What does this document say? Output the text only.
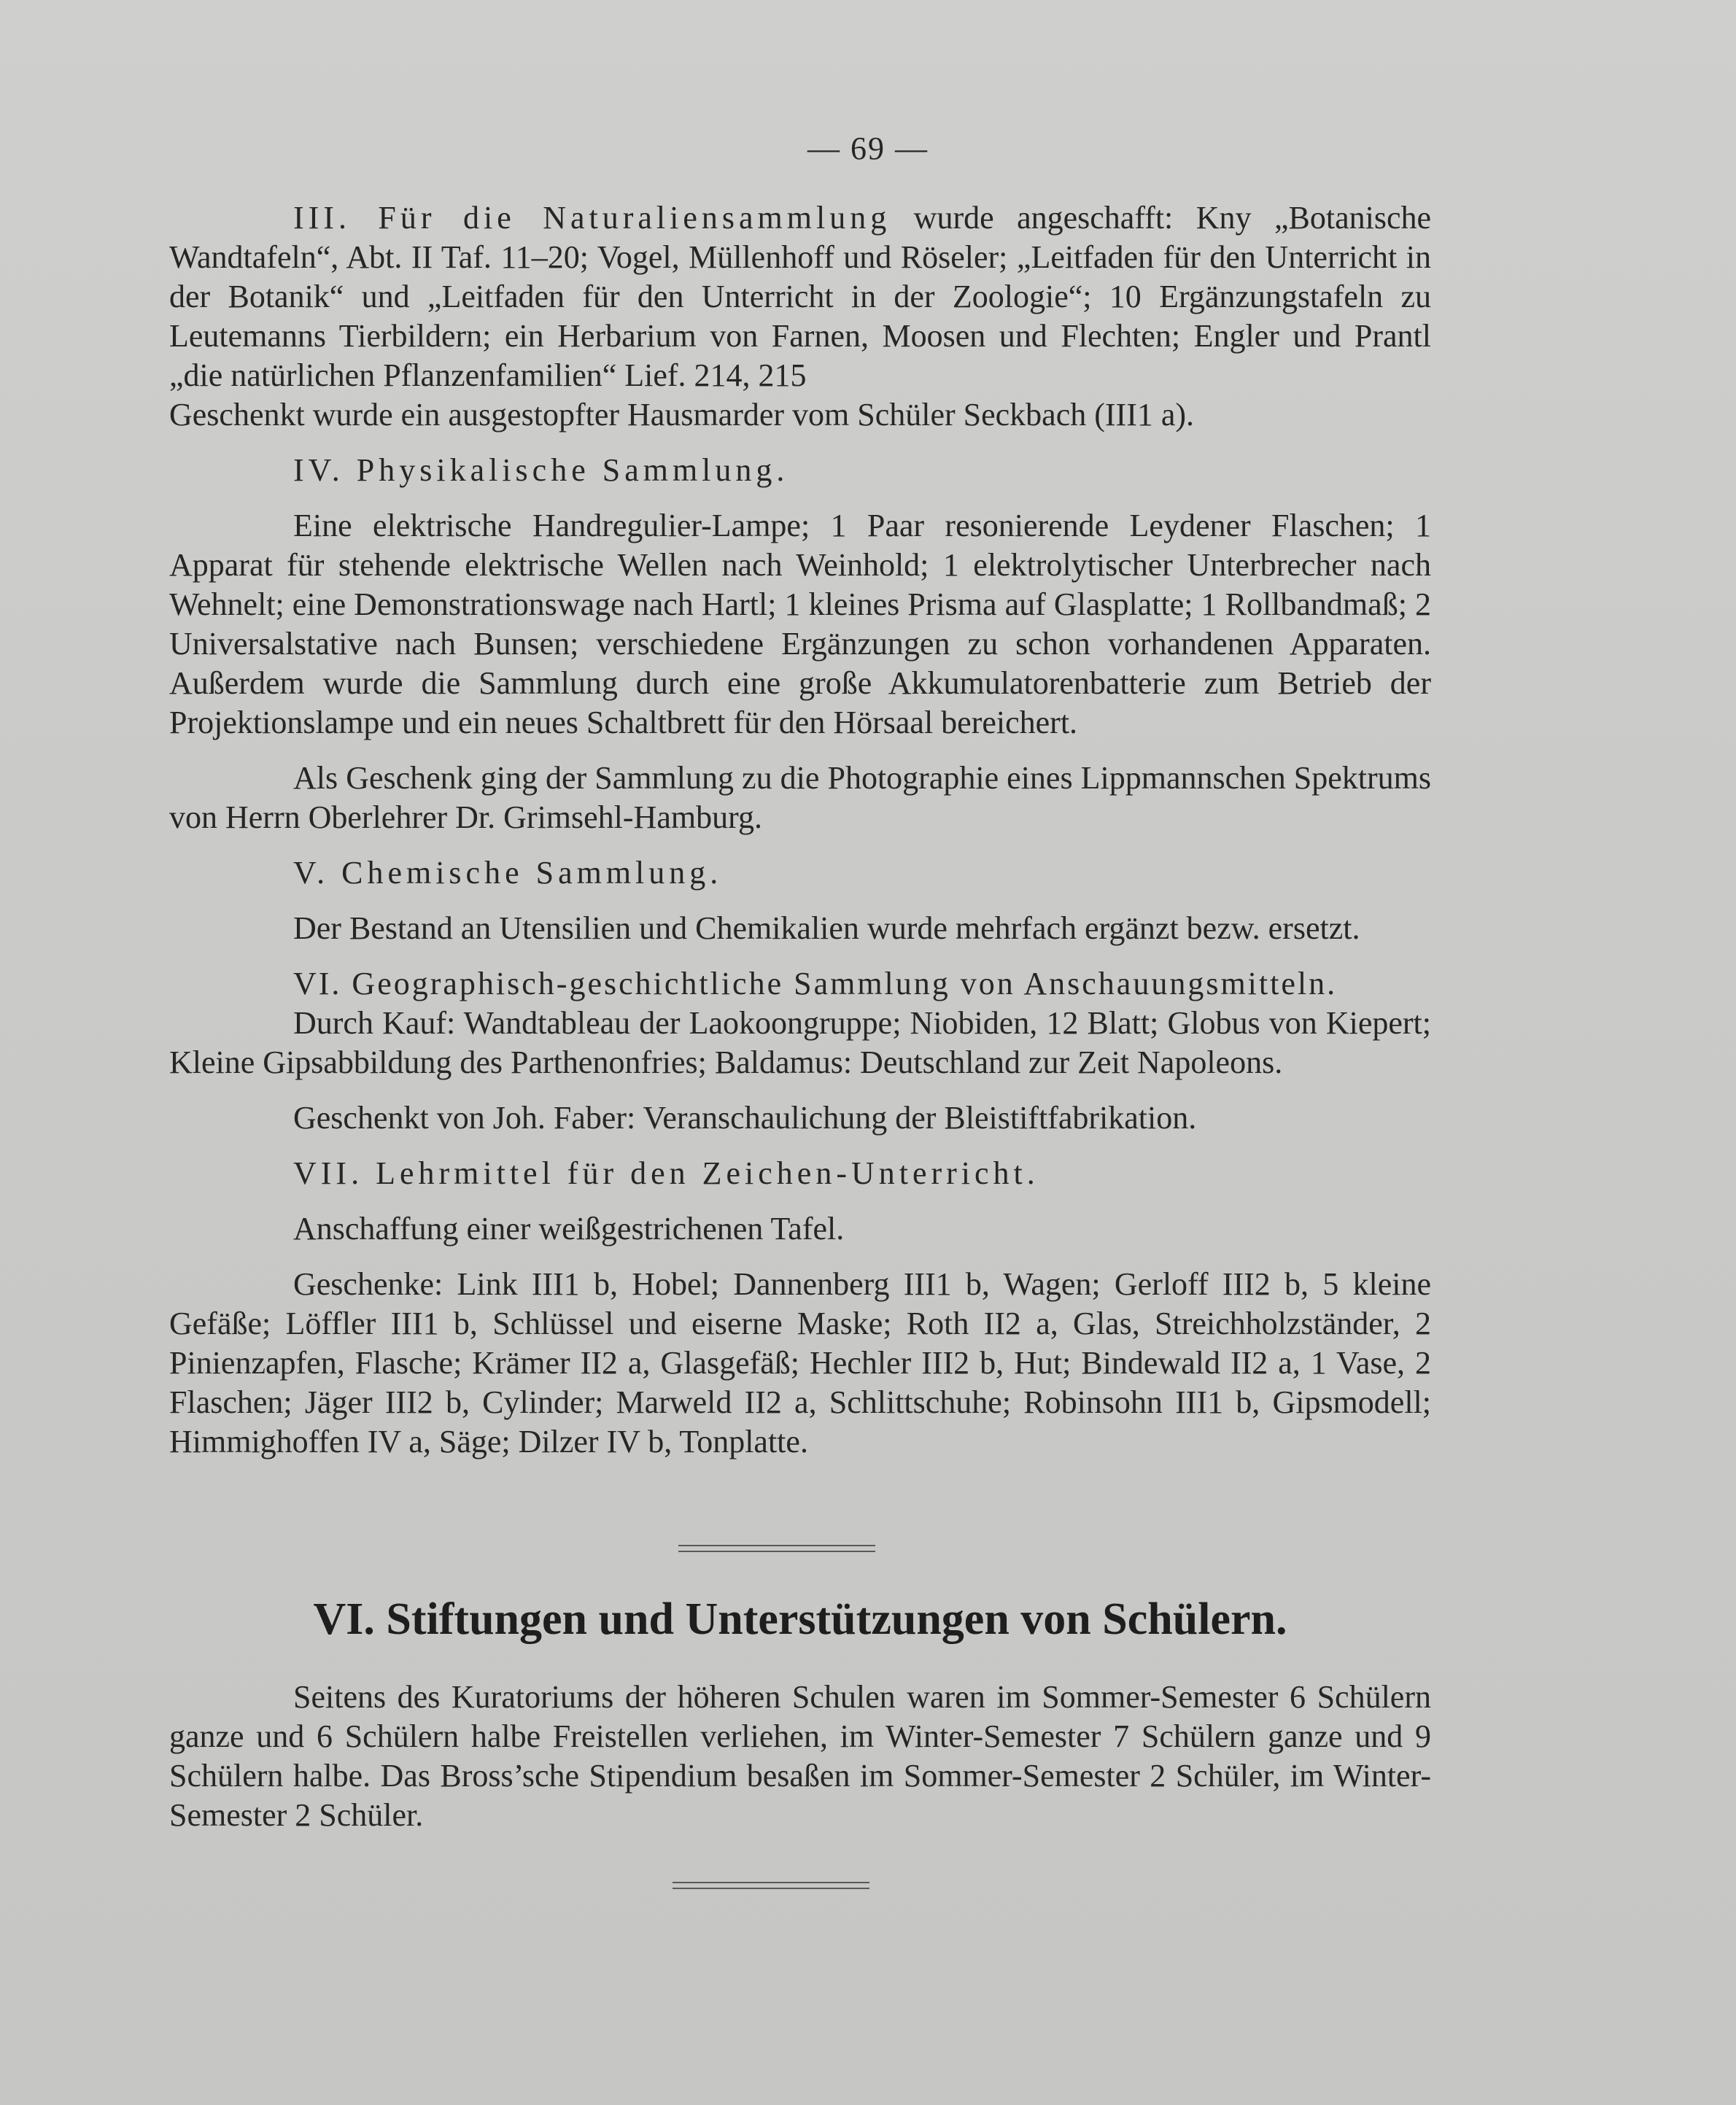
— 69 —

III. Für die Naturaliensammlung wurde angeschafft: Kny „Botanische Wandtafeln“, Abt. II Taf. 11–20; Vogel, Müllenhoff und Röseler; „Leitfaden für den Unterricht in der Botanik“ und „Leitfaden für den Unterricht in der Zoologie“; 10 Ergänzungstafeln zu Leutemanns Tierbildern; ein Herbarium von Farnen, Moosen und Flechten; Engler und Prantl „die natürlichen Pflanzenfamilien“ Lief. 214, 215

Geschenkt wurde ein ausgestopfter Hausmarder vom Schüler Seckbach (III1 a).

IV. Physikalische Sammlung.

Eine elektrische Handregulier-Lampe; 1 Paar resonierende Leydener Flaschen; 1 Apparat für stehende elektrische Wellen nach Weinhold; 1 elektrolytischer Unterbrecher nach Wehnelt; eine Demonstrationswage nach Hartl; 1 kleines Prisma auf Glasplatte; 1 Rollbandmaß; 2 Universalstative nach Bunsen; verschiedene Ergänzungen zu schon vorhandenen Apparaten. Außerdem wurde die Sammlung durch eine große Akkumulatorenbatterie zum Betrieb der Projektionslampe und ein neues Schaltbrett für den Hörsaal bereichert.

Als Geschenk ging der Sammlung zu die Photographie eines Lippmannschen Spektrums von Herrn Oberlehrer Dr. Grimsehl-Hamburg.

V. Chemische Sammlung.

Der Bestand an Utensilien und Chemikalien wurde mehrfach ergänzt bezw. ersetzt.

VI. Geographisch-geschichtliche Sammlung von Anschauungsmitteln.

Durch Kauf: Wandtableau der Laokoongruppe; Niobiden, 12 Blatt; Globus von Kiepert; Kleine Gipsabbildung des Parthenonfries; Baldamus: Deutschland zur Zeit Napoleons.

Geschenkt von Joh. Faber: Veranschaulichung der Bleistiftfabrikation.

VII. Lehrmittel für den Zeichen-Unterricht.

Anschaffung einer weißgestrichenen Tafel.

Geschenke: Link III1 b, Hobel; Dannenberg III1 b, Wagen; Gerloff III2 b, 5 kleine Gefäße; Löffler III1 b, Schlüssel und eiserne Maske; Roth II2 a, Glas, Streichholzständer, 2 Pinienzapfen, Flasche; Krämer II2 a, Glasgefäß; Hechler III2 b, Hut; Bindewald II2 a, 1 Vase, 2 Flaschen; Jäger III2 b, Cylinder; Marweld II2 a, Schlittschuhe; Robinsohn III1 b, Gipsmodell; Himmighoffen IV a, Säge; Dilzer IV b, Tonplatte.

VI. Stiftungen und Unterstützungen von Schülern.

Seitens des Kuratoriums der höheren Schulen waren im Sommer-Semester 6 Schülern ganze und 6 Schülern halbe Freistellen verliehen, im Winter-Semester 7 Schülern ganze und 9 Schülern halbe. Das Bross’sche Stipendium besaßen im Sommer-Semester 2 Schüler, im Winter-Semester 2 Schüler.
